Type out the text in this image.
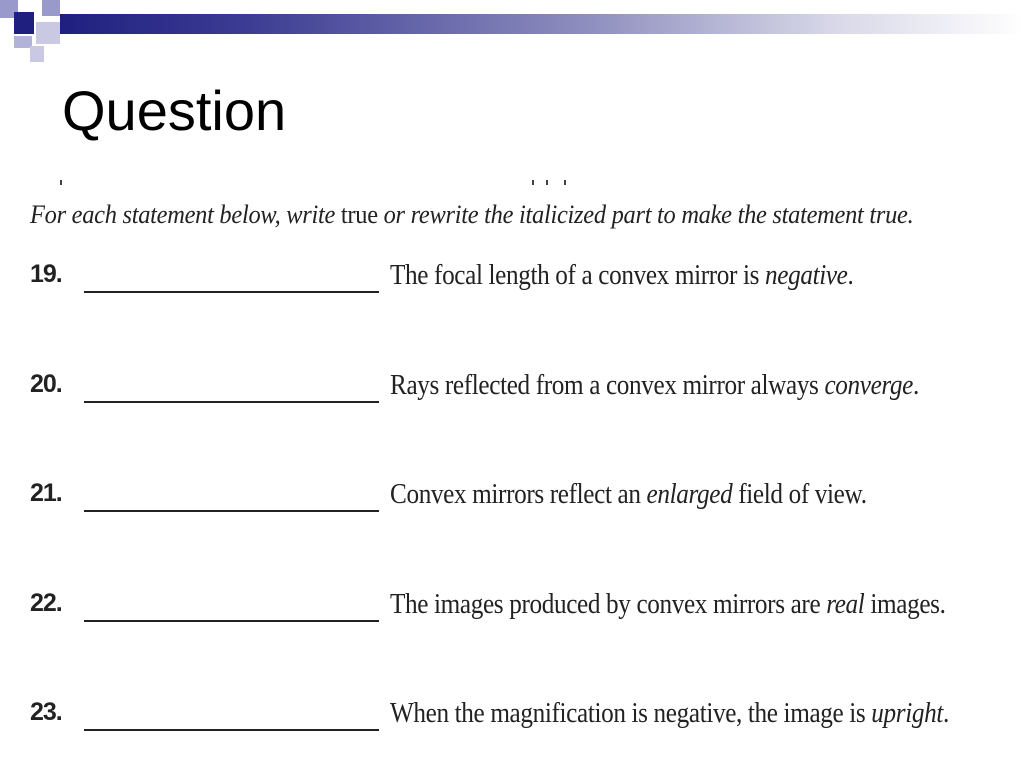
Question
For each statement below, write true or rewrite the italicized part to make the statement true.
19.	The focal length of a convex mirror is negative.
20.	Rays reflected from a convex mirror always converge.
21.	Convex mirrors reflect an enlarged field of view.
22.	The images produced by convex mirrors are real images.
23.	When the magnification is negative, the image is upright.
